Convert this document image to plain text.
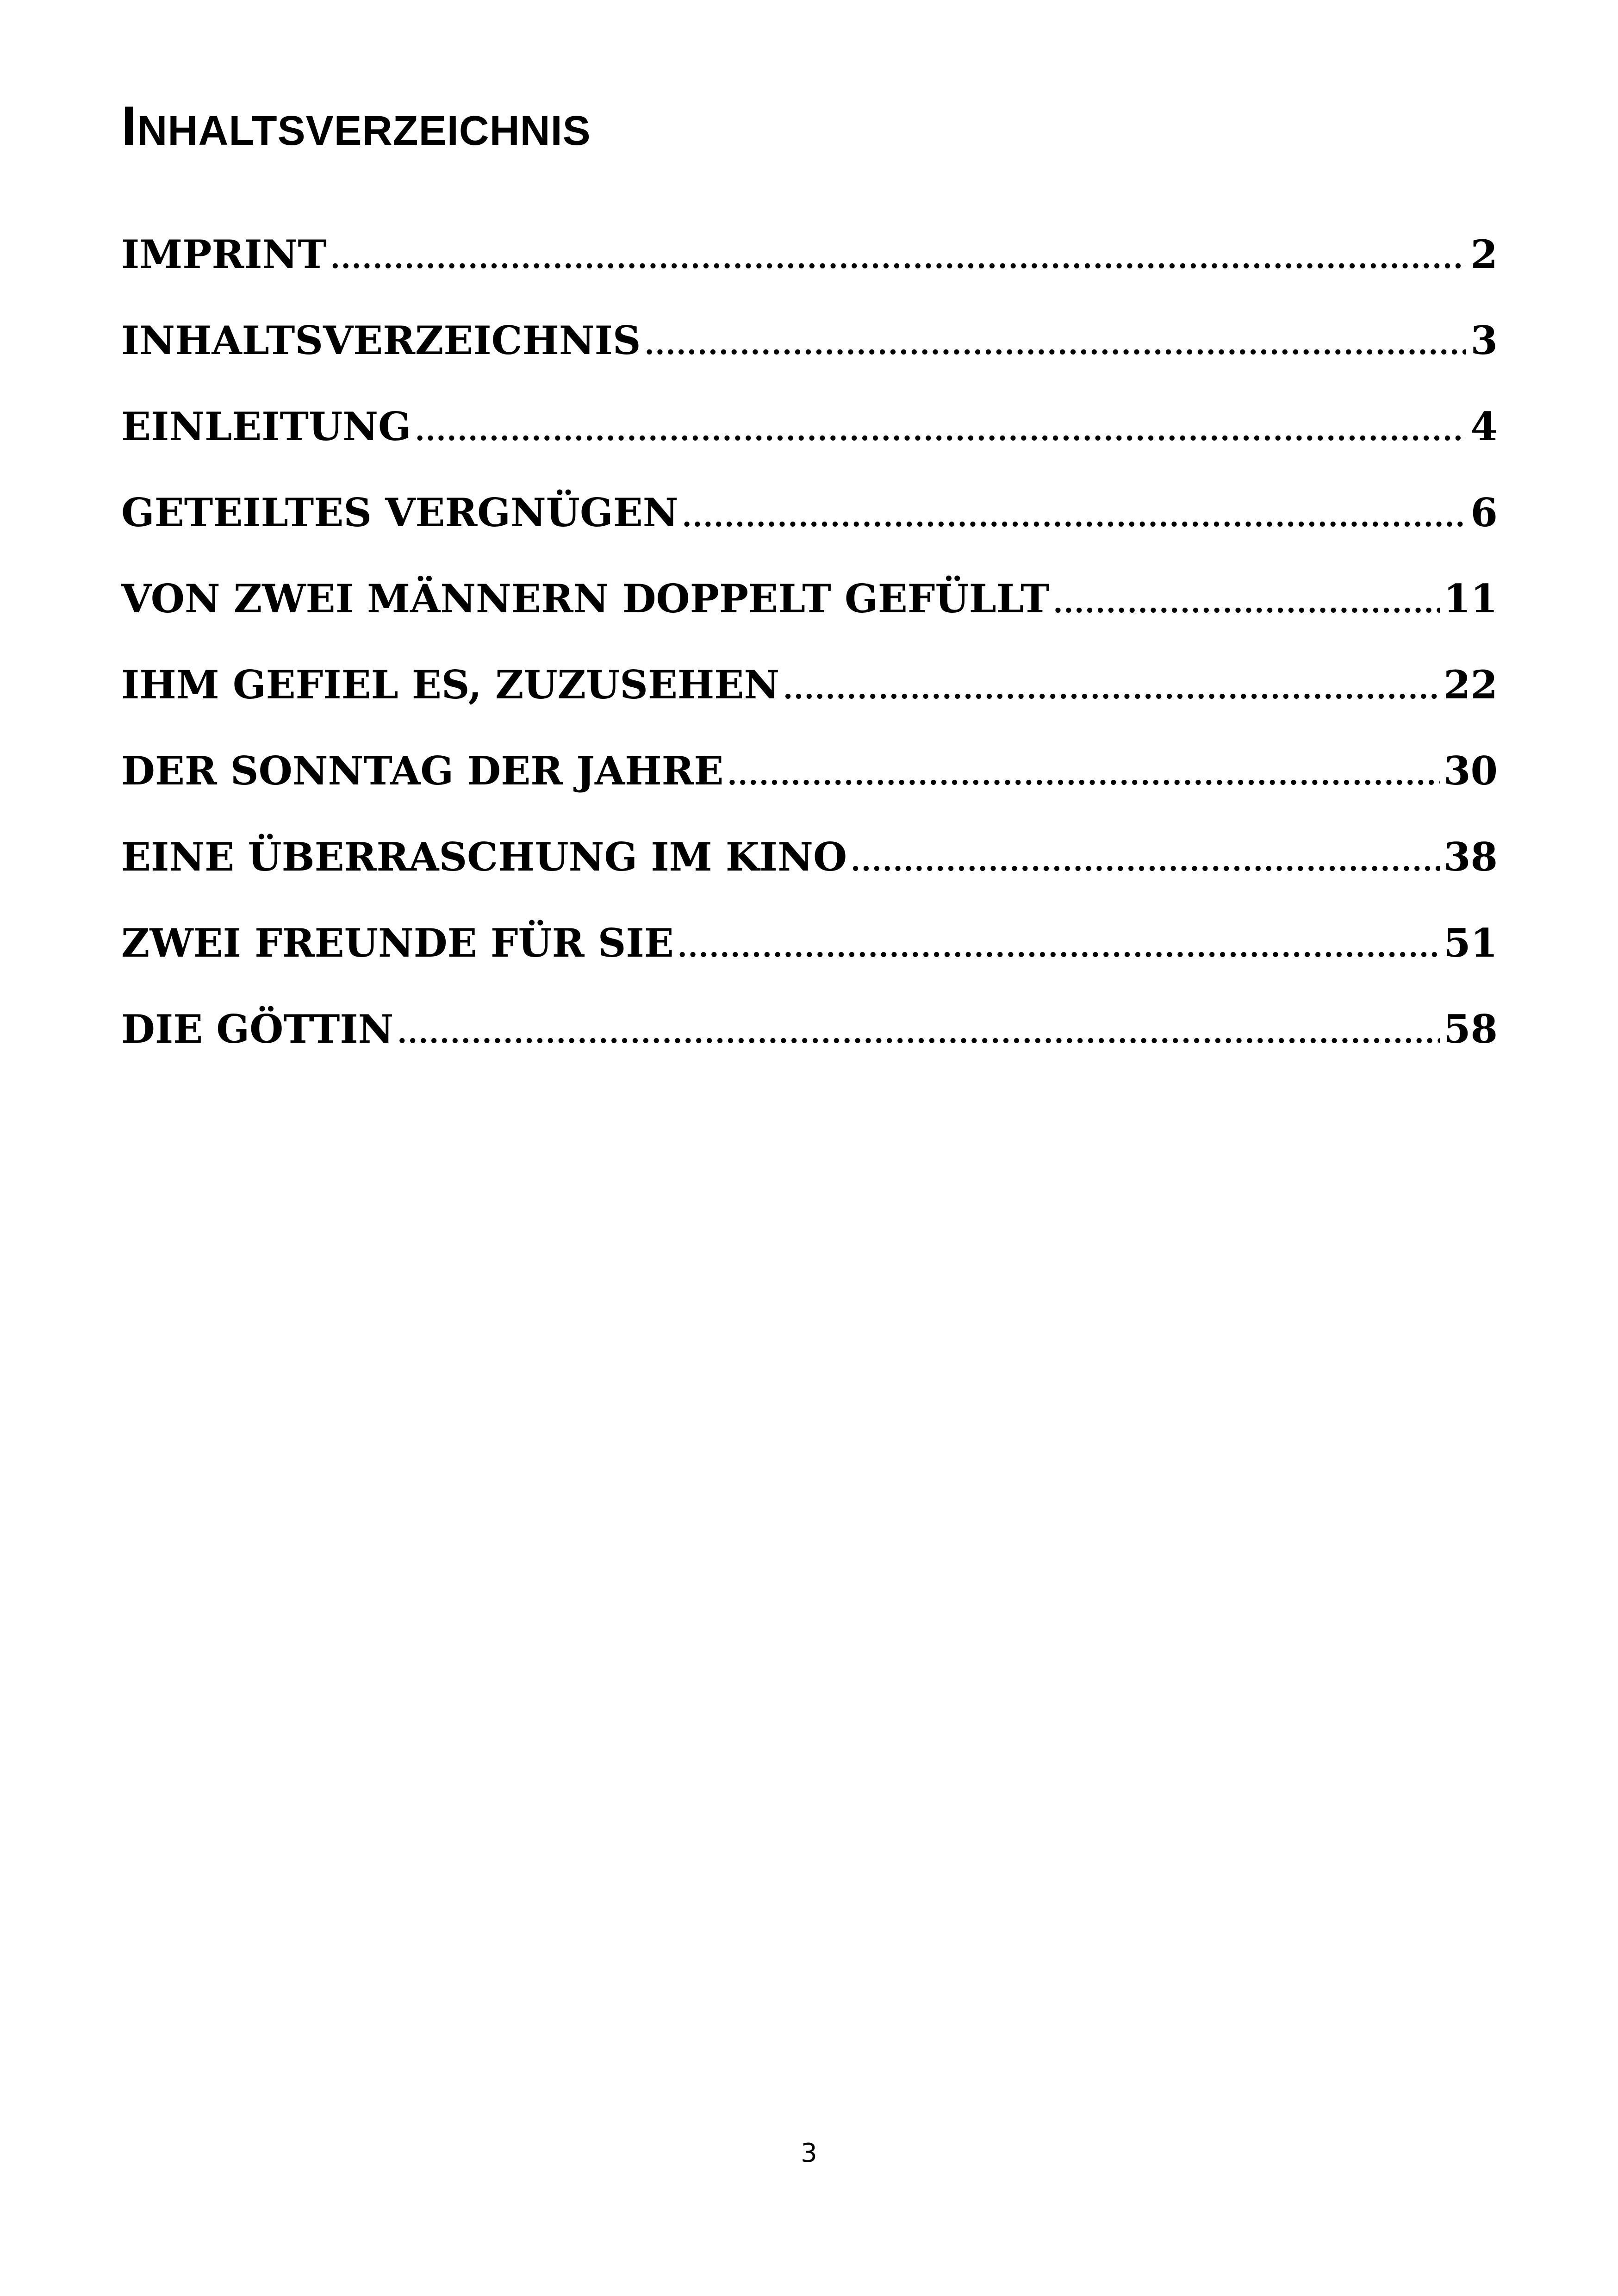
INHALTSVERZEICHNIS
IMPRINT .....	2
INHALTSVERZEICHNIS .....	3
EINLEITUNG .....	4
GETEILTES VERGNÜGEN .....	6
VON ZWEI MÄNNERN DOPPELT GEFÜLLT .....	11
IHM GEFIEL ES, ZUZUSEHEN .....	22
DER SONNTAG DER JAHRE .....	30
EINE ÜBERRASCHUNG IM KINO .....	38
ZWEI FREUNDE FÜR SIE .....	51
DIE GÖTTIN .....	58
3
